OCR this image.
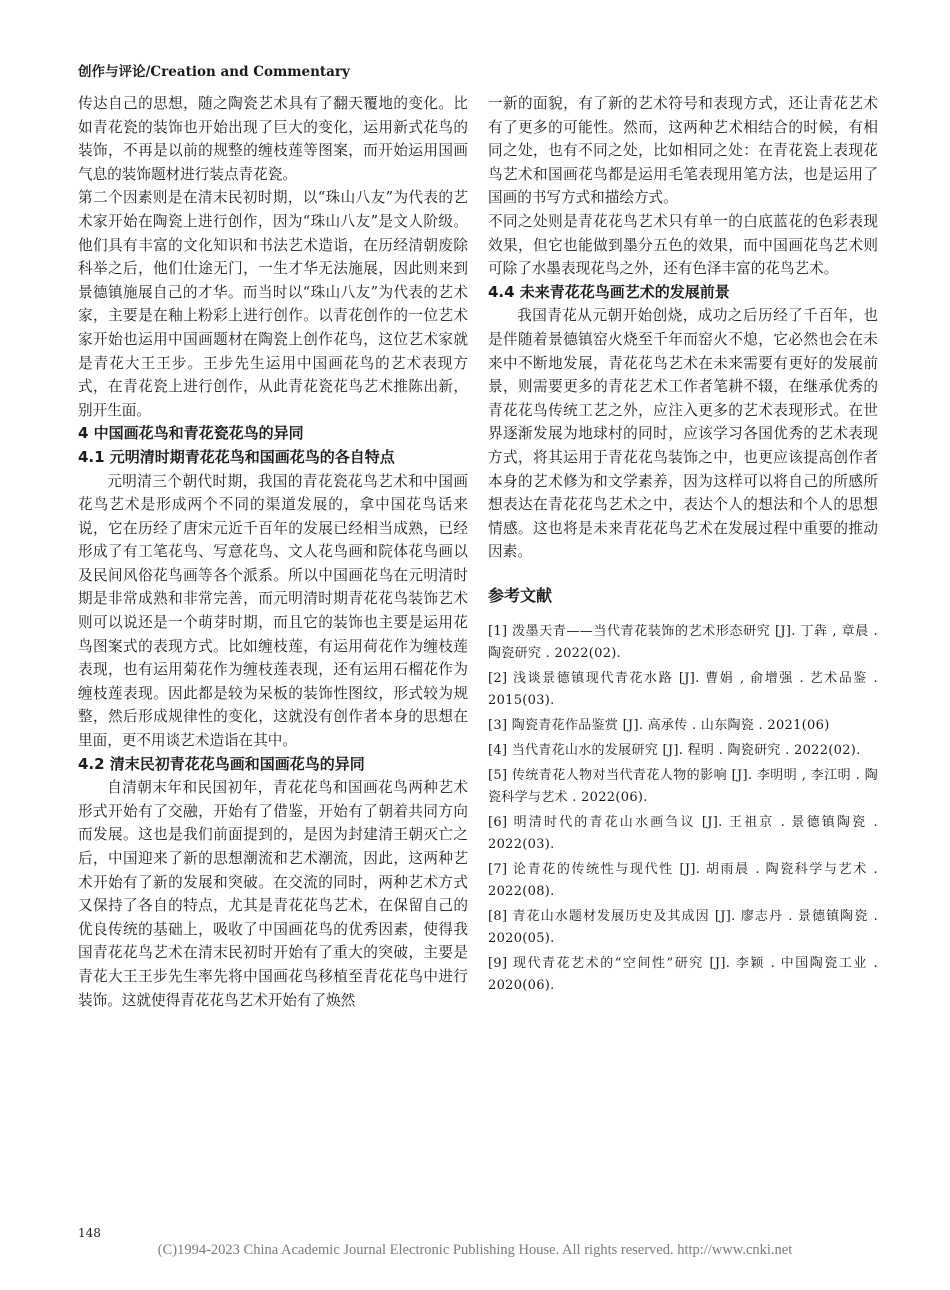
创作与评论/Creation and Commentary

传达自己的思想，随之陶瓷艺术具有了翻天覆地的变化。比如青花瓷的装饰也开始出现了巨大的变化，运用新式花鸟的装饰，不再是以前的规整的缠枝莲等图案，而开始运用国画气息的装饰题材进行装点青花瓷。

第二个因素则是在清末民初时期，以“珠山八友”为代表的艺术家开始在陶瓷上进行创作，因为“珠山八友”是文人阶级。他们具有丰富的文化知识和书法艺术造诣，在历经清朝废除科举之后，他们仕途无门，一生才华无法施展，因此则来到景德镇施展自己的才华。而当时以“珠山八友”为代表的艺术家，主要是在釉上粉彩上进行创作。以青花创作的一位艺术家开始也运用中国画题材在陶瓷上创作花鸟，这位艺术家就是青花大王王步。王步先生运用中国画花鸟的艺术表现方式，在青花瓷上进行创作，从此青花瓷花鸟艺术推陈出新，别开生面。

4 中国画花鸟和青花瓷花鸟的异同
4.1 元明清时期青花花鸟和国画花鸟的各自特点

元明清三个朝代时期，我国的青花瓷花鸟艺术和中国画花鸟艺术是形成两个不同的渠道发展的，拿中国花鸟话来说，它在历经了唐宋元近千百年的发展已经相当成熟，已经形成了有工笔花鸟、写意花鸟、文人花鸟画和院体花鸟画以及民间风俗花鸟画等各个派系。所以中国画花鸟在元明清时期是非常成熟和非常完善，而元明清时期青花花鸟装饰艺术则可以说还是一个萌芽时期，而且它的装饰也主要是运用花鸟图案式的表现方式。比如缠枝莲，有运用荷花作为缠枝莲表现，也有运用菊花作为缠枝莲表现，还有运用石榴花作为缠枝莲表现。因此都是较为呆板的装饰性图纹，形式较为规整，然后形成规律性的变化，这就没有创作者本身的思想在里面，更不用谈艺术造诣在其中。

4.2 清末民初青花花鸟画和国画花鸟的异同

自清朝末年和民国初年，青花花鸟和国画花鸟两种艺术形式开始有了交融，开始有了借鉴，开始有了朝着共同方向而发展。这也是我们前面提到的，是因为封建清王朝灭亡之后，中国迎来了新的思想潮流和艺术潮流，因此，这两种艺术开始有了新的发展和突破。在交流的同时，两种艺术方式又保持了各自的特点，尤其是青花花鸟艺术，在保留自己的优良传统的基础上，吸收了中国画花鸟的优秀因素，使得我国青花花鸟艺术在清末民初时开始有了重大的突破，主要是青花大王王步先生率先将中国画花鸟移植至青花花鸟中进行装饰。这就使得青花花鸟艺术开始有了焕然

一新的面貌，有了新的艺术符号和表现方式，还让青花艺术有了更多的可能性。然而，这两种艺术相结合的时候，有相同之处，也有不同之处，比如相同之处：在青花瓷上表现花鸟艺术和国画花鸟都是运用毛笔表现用笔方法，也是运用了国画的书写方式和描绘方式。

不同之处则是青花花鸟艺术只有单一的白底蓝花的色彩表现效果，但它也能做到墨分五色的效果，而中国画花鸟艺术则可除了水墨表现花鸟之外，还有色泽丰富的花鸟艺术。

4.4 未来青花花鸟画艺术的发展前景

我国青花从元朝开始创烧，成功之后历经了千百年，也是伴随着景德镇窑火烧至千年而窑火不熄，它必然也会在未来中不断地发展，青花花鸟艺术在未来需要有更好的发展前景，则需要更多的青花艺术工作者笔耕不辍，在继承优秀的青花花鸟传统工艺之外，应注入更多的艺术表现形式。在世界逐渐发展为地球村的同时，应该学习各国优秀的艺术表现方式，将其运用于青花花鸟装饰之中，也更应该提高创作者本身的艺术修为和文学素养，因为这样可以将自己的所感所想表达在青花花鸟艺术之中，表达个人的想法和个人的思想情感。这也将是未来青花花鸟艺术在发展过程中重要的推动因素。

参考文献
[1] 泼墨天青——当代青花装饰的艺术形态研究 [J]. 丁犇 , 章晨 . 陶瓷研究 . 2022(02).
[2] 浅谈景德镇现代青花水路 [J]. 曹娟 , 俞增强 . 艺术品鉴 . 2015(03).
[3] 陶瓷青花作品鉴赏 [J]. 高承传 . 山东陶瓷 . 2021(06)
[4] 当代青花山水的发展研究 [J]. 程明 . 陶瓷研究 . 2022(02).
[5] 传统青花人物对当代青花人物的影响 [J]. 李明明 , 李江明 . 陶瓷科学与艺术 . 2022(06).
[6] 明清时代的青花山水画刍议 [J]. 王祖京 . 景德镇陶瓷 . 2022(03).
[7] 论青花的传统性与现代性 [J]. 胡雨晨 . 陶瓷科学与艺术 . 2022(08).
[8] 青花山水题材发展历史及其成因 [J]. 廖志丹 . 景德镇陶瓷 . 2020(05).
[9] 现代青花艺术的“空间性”研究 [J]. 李颖 . 中国陶瓷工业 . 2020(06).
148
(C)1994-2023 China Academic Journal Electronic Publishing House. All rights reserved. http://www.cnki.net
